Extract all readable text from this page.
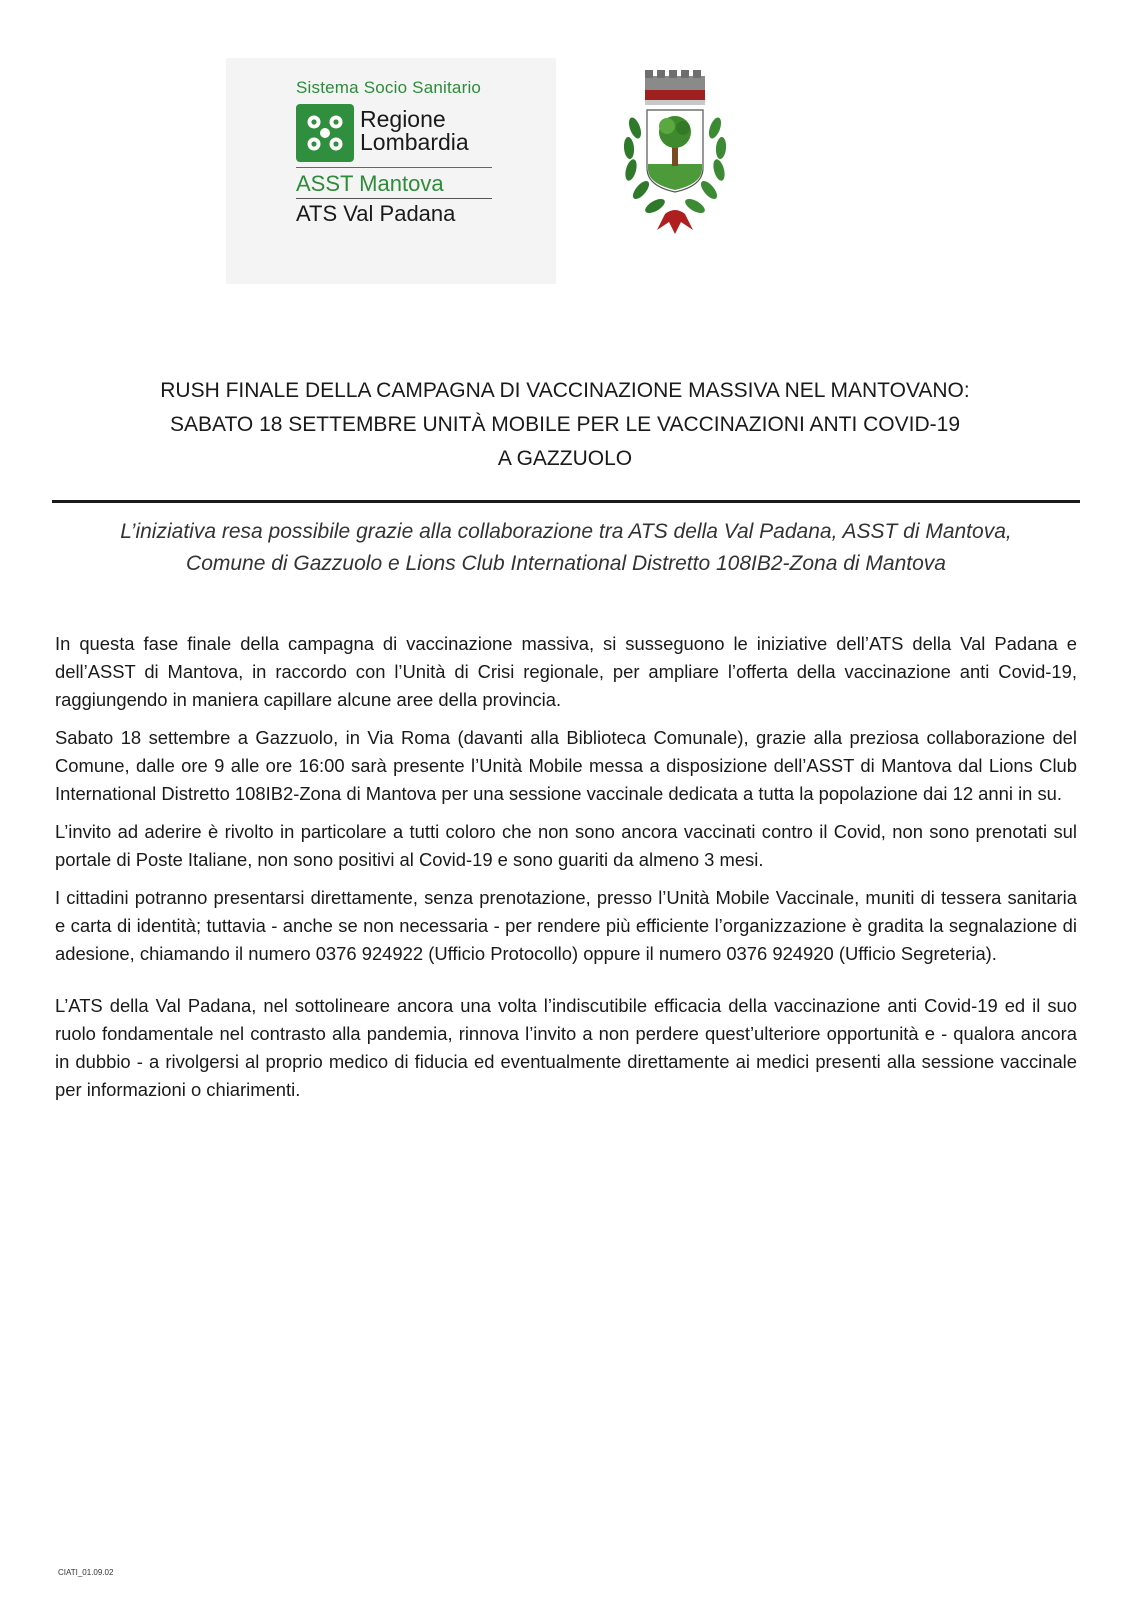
Sistema Socio Sanitario
Regione
Lombardia
ASST Mantova
ATS Val Padana
RUSH FINALE DELLA CAMPAGNA DI VACCINAZIONE MASSIVA NEL MANTOVANO:
SABATO 18 SETTEMBRE UNITÀ MOBILE PER LE VACCINAZIONI ANTI COVID-19
A GAZZUOLO
L’iniziativa resa possibile grazie alla collaborazione tra ATS della Val Padana, ASST di Mantova,
Comune di Gazzuolo e Lions Club International Distretto 108IB2-Zona di Mantova

In questa fase finale della campagna di vaccinazione massiva, si susseguono le iniziative dell’ATS della Val Padana e dell’ASST di Mantova, in raccordo con l’Unità di Crisi regionale, per ampliare l’offerta della vaccinazione anti Covid-19, raggiungendo in maniera capillare alcune aree della provincia.

Sabato 18 settembre a Gazzuolo, in Via Roma (davanti alla Biblioteca Comunale), grazie alla preziosa collaborazione del Comune, dalle ore 9 alle ore 16:00 sarà presente l’Unità Mobile messa a disposizione dell’ASST di Mantova dal Lions Club International Distretto 108IB2-Zona di Mantova per una sessione vaccinale dedicata a tutta la popolazione dai 12 anni in su.

L’invito ad aderire è rivolto in particolare a tutti coloro che non sono ancora vaccinati contro il Covid, non sono prenotati sul portale di Poste Italiane, non sono positivi al Covid-19 e sono guariti da almeno 3 mesi.

I cittadini potranno presentarsi direttamente, senza prenotazione, presso l’Unità Mobile Vaccinale, muniti di tessera sanitaria e carta di identità; tuttavia - anche se non necessaria - per rendere più efficiente l’organizzazione è gradita la segnalazione di adesione, chiamando il numero 0376 924922 (Ufficio Protocollo) oppure il numero 0376 924920 (Ufficio Segreteria).

L’ATS della Val Padana, nel sottolineare ancora una volta l’indiscutibile efficacia della vaccinazione anti Covid-19 ed il suo ruolo fondamentale nel contrasto alla pandemia, rinnova l’invito a non perdere quest’ulteriore opportunità e - qualora ancora in dubbio - a rivolgersi al proprio medico di fiducia ed eventualmente direttamente ai medici presenti alla sessione vaccinale per informazioni o chiarimenti.

CIATI_01.09.02
